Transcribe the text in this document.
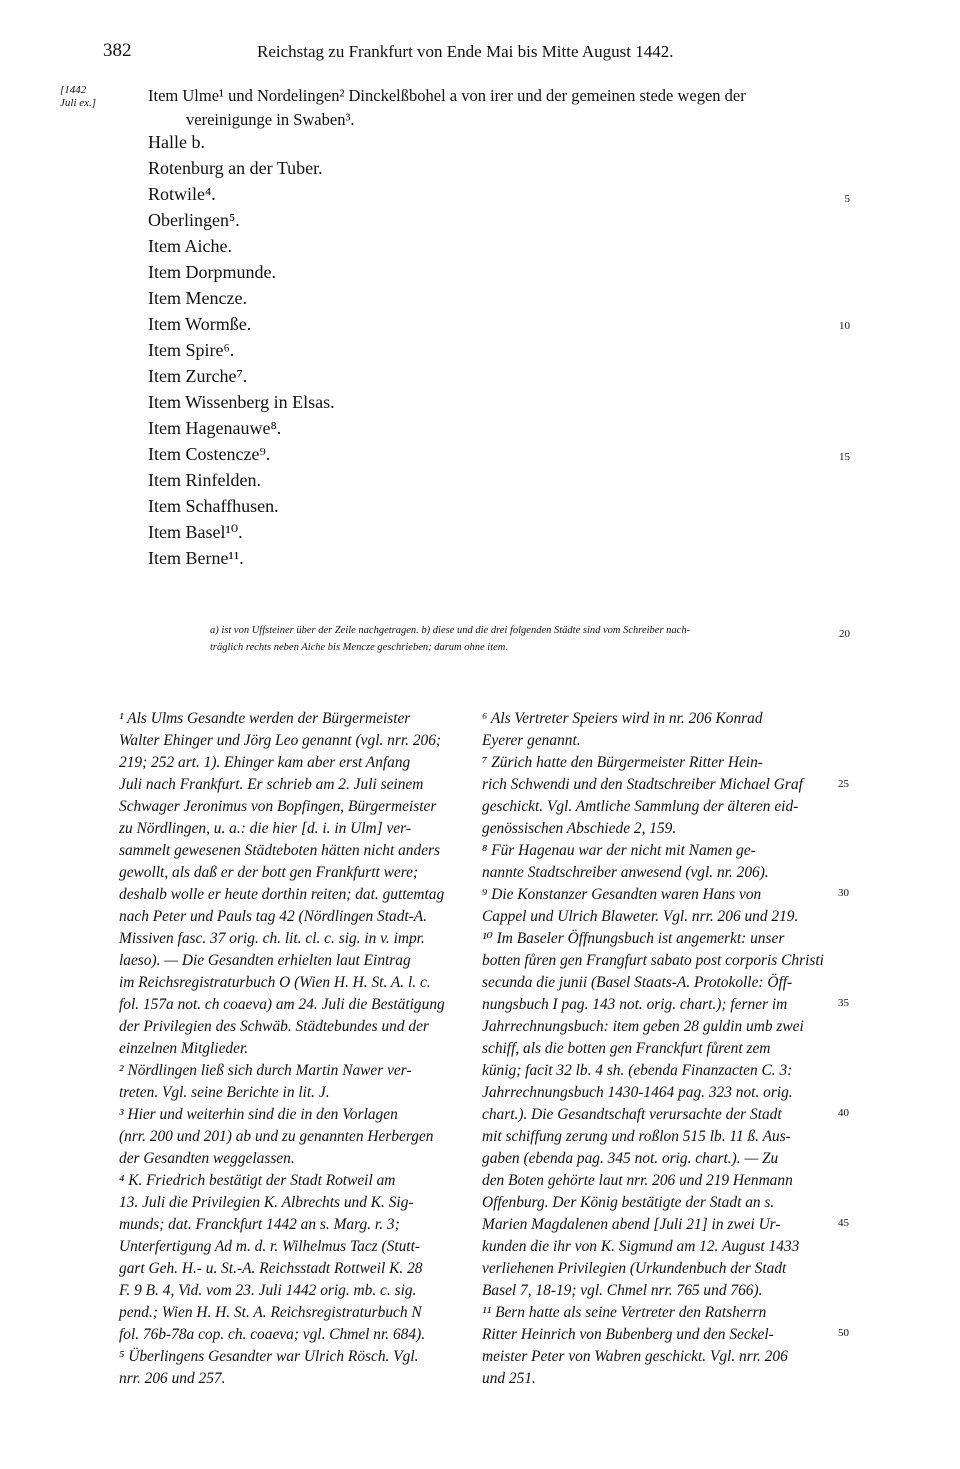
382	Reichstag zu Frankfurt von Ende Mai bis Mitte August 1442.
[1442
Juli ex.]	Item Ulme¹ und Nordelingen² Dinckelßbohel a von irer und der gemeinen stede wegen der
vereinigunge in Swaben³.
Halle b.
Rotenburg an der Tuber.
Rotwile⁴.
Oberlingen⁵.
Item Aiche.
Item Dorpmunde.
Item Mencze.
Item Wormße.
Item Spire⁶.
Item Zurche⁷.
Item Wissenberg in Elsas.
Item Hagenauwe⁸.
Item Costencze⁹.
Item Rinfelden.
Item Schaffhusen.
Item Basel¹⁰.
Item Berne¹¹.
5
10
15
20
a) ist von Uffsteiner über der Zeile nachgetragen. b) diese und die drei folgenden Städte sind vom Schreiber nach-
träglich rechts neben Aiche bis Mencze geschrieben; darum ohne item.

¹ Als Ulms Gesandte werden der Bürgermeister

Walter Ehinger und Jörg Leo genannt (vgl. nrr. 206;

219; 252 art. 1). Ehinger kam aber erst Anfang

Juli nach Frankfurt. Er schrieb am 2. Juli seinem

Schwager Jeronimus von Bopfingen, Bürgermeister

zu Nördlingen, u. a.: die hier [d. i. in Ulm] ver-

sammelt gewesenen Städteboten hätten nicht anders

gewollt, als daß er der bott gen Frankfurtt were;

deshalb wolle er heute dorthin reiten; dat. guttemtag

nach Peter und Pauls tag 42 (Nördlingen Stadt-A.

Missiven fasc. 37 orig. ch. lit. cl. c. sig. in v. impr.

laeso). — Die Gesandten erhielten laut Eintrag

im Reichsregistraturbuch O (Wien H. H. St. A. l. c.

fol. 157a not. ch coaeva) am 24. Juli die Bestätigung

der Privilegien des Schwäb. Städtebundes und der

einzelnen Mitglieder.

² Nördlingen ließ sich durch Martin Nawer ver-

treten. Vgl. seine Berichte in lit. J.

³ Hier und weiterhin sind die in den Vorlagen

(nrr. 200 und 201) ab und zu genannten Herbergen

der Gesandten weggelassen.

⁴ K. Friedrich bestätigt der Stadt Rotweil am

13. Juli die Privilegien K. Albrechts und K. Sig-

munds; dat. Franckfurt 1442 an s. Marg. r. 3;

Unterfertigung Ad m. d. r. Wilhelmus Tacz (Stutt-

gart Geh. H.- u. St.-A. Reichsstadt Rottweil K. 28

F. 9 B. 4, Vid. vom 23. Juli 1442 orig. mb. c. sig.

pend.; Wien H. H. St. A. Reichsregistraturbuch N

fol. 76b-78a cop. ch. coaeva; vgl. Chmel nr. 684).

⁵ Überlingens Gesandter war Ulrich Rösch. Vgl.

nrr. 206 und 257.

⁶ Als Vertreter Speiers wird in nr. 206 Konrad

Eyerer genannt.

⁷ Zürich hatte den Bürgermeister Ritter Hein-

rich Schwendi und den Stadtschreiber Michael Graf

geschickt. Vgl. Amtliche Sammlung der älteren eid-

genössischen Abschiede 2, 159.

⁸ Für Hagenau war der nicht mit Namen ge-

nannte Stadtschreiber anwesend (vgl. nr. 206).

⁹ Die Konstanzer Gesandten waren Hans von

Cappel und Ulrich Blaweter. Vgl. nrr. 206 und 219.

¹⁰ Im Baseler Öffnungsbuch ist angemerkt: unser

botten fůren gen Frangfurt sabato post corporis Christi

secunda die junii (Basel Staats-A. Protokolle: Öff-

nungsbuch I pag. 143 not. orig. chart.); ferner im

Jahrrechnungsbuch: item geben 28 guldin umb zwei

schiff, als die botten gen Franckfurt fůrent zem

künig; facit 32 lb. 4 sh. (ebenda Finanzacten C. 3:

Jahrrechnungsbuch 1430-1464 pag. 323 not. orig.

chart.). Die Gesandtschaft verursachte der Stadt

mit schiffung zerung und roßlon 515 lb. 11 ß. Aus-

gaben (ebenda pag. 345 not. orig. chart.). — Zu

den Boten gehörte laut nrr. 206 und 219 Henmann

Offenburg. Der König bestätigte der Stadt an s.

Marien Magdalenen abend [Juli 21] in zwei Ur-

kunden die ihr von K. Sigmund am 12. August 1433

verliehenen Privilegien (Urkundenbuch der Stadt

Basel 7, 18-19; vgl. Chmel nrr. 765 und 766).

¹¹ Bern hatte als seine Vertreter den Ratsherrn

Ritter Heinrich von Bubenberg und den Seckel-

meister Peter von Wabren geschickt. Vgl. nrr. 206

und 251.

25
30
35
40
45
50
